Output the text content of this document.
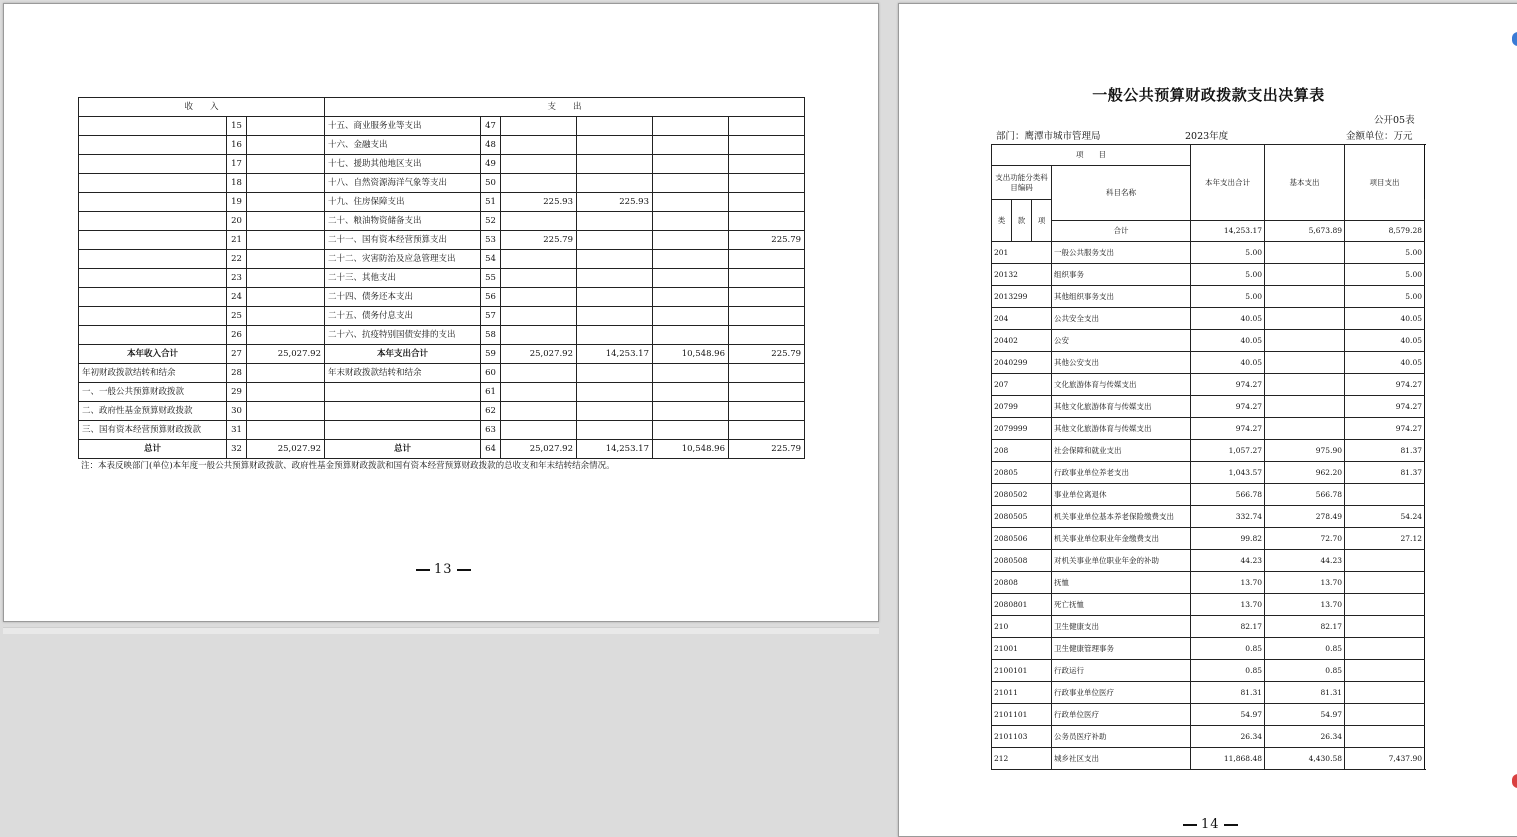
收　　入			支　　出					
	15		十五、商业服务业等支出	47				
	16		十六、金融支出	48				
	17		十七、援助其他地区支出	49				
	18		十八、自然资源海洋气象等支出	50				
	19		十九、住房保障支出	51	225.93	225.93		
	20		二十、粮油物资储备支出	52				
	21		二十一、国有资本经营预算支出	53	225.79			225.79
	22		二十二、灾害防治及应急管理支出	54				
	23		二十三、其他支出	55				
	24		二十四、债务还本支出	56				
	25		二十五、债务付息支出	57				
	26		二十六、抗疫特别国债安排的支出	58				
本年收入合计	27	25,027.92	本年支出合计	59	25,027.92	14,253.17	10,548.96	225.79
年初财政拨款结转和结余	28		年末财政拨款结转和结余	60				
一、一般公共预算财政拨款	29			61				
二、政府性基金预算财政拨款	30			62				
三、国有资本经营预算财政拨款	31			63				
总计	32	25,027.92	总计	64	25,027.92	14,253.17	10,548.96	225.79
注：本表反映部门(单位)本年度一般公共预算财政拨款、政府性基金预算财政拨款和国有资本经营预算财政拨款的总收支和年末结转结余情况。
13
一般公共预算财政拨款支出决算表
公开05表
部门：鹰潭市城市管理局	2023年度	金额单位：万元
项　　目				本年支出合计	基本支出	项目支出	
支出功能分类科目编码			科目名称				
类	款	项				
			合计	14,253.17	5,673.89	8,579.28	
201			一般公共服务支出	5.00		5.00	
20132			组织事务	5.00		5.00	
2013299			其他组织事务支出	5.00		5.00	
204			公共安全支出	40.05		40.05	
20402			公安	40.05		40.05	
2040299			其他公安支出	40.05		40.05	
207			文化旅游体育与传媒支出	974.27		974.27	
20799			其他文化旅游体育与传媒支出	974.27		974.27	
2079999			其他文化旅游体育与传媒支出	974.27		974.27	
208			社会保障和就业支出	1,057.27	975.90	81.37	
20805			行政事业单位养老支出	1,043.57	962.20	81.37	
2080502			事业单位离退休	566.78	566.78		
2080505			机关事业单位基本养老保险缴费支出	332.74	278.49	54.24	
2080506			机关事业单位职业年金缴费支出	99.82	72.70	27.12	
2080508			对机关事业单位职业年金的补助	44.23	44.23		
20808			抚恤	13.70	13.70		
2080801			死亡抚恤	13.70	13.70		
210			卫生健康支出	82.17	82.17		
21001			卫生健康管理事务	0.85	0.85		
2100101			行政运行	0.85	0.85		
21011			行政事业单位医疗	81.31	81.31		
2101101			行政单位医疗	54.97	54.97		
2101103			公务员医疗补助	26.34	26.34		
212			城乡社区支出	11,868.48	4,430.58	7,437.90	
14
